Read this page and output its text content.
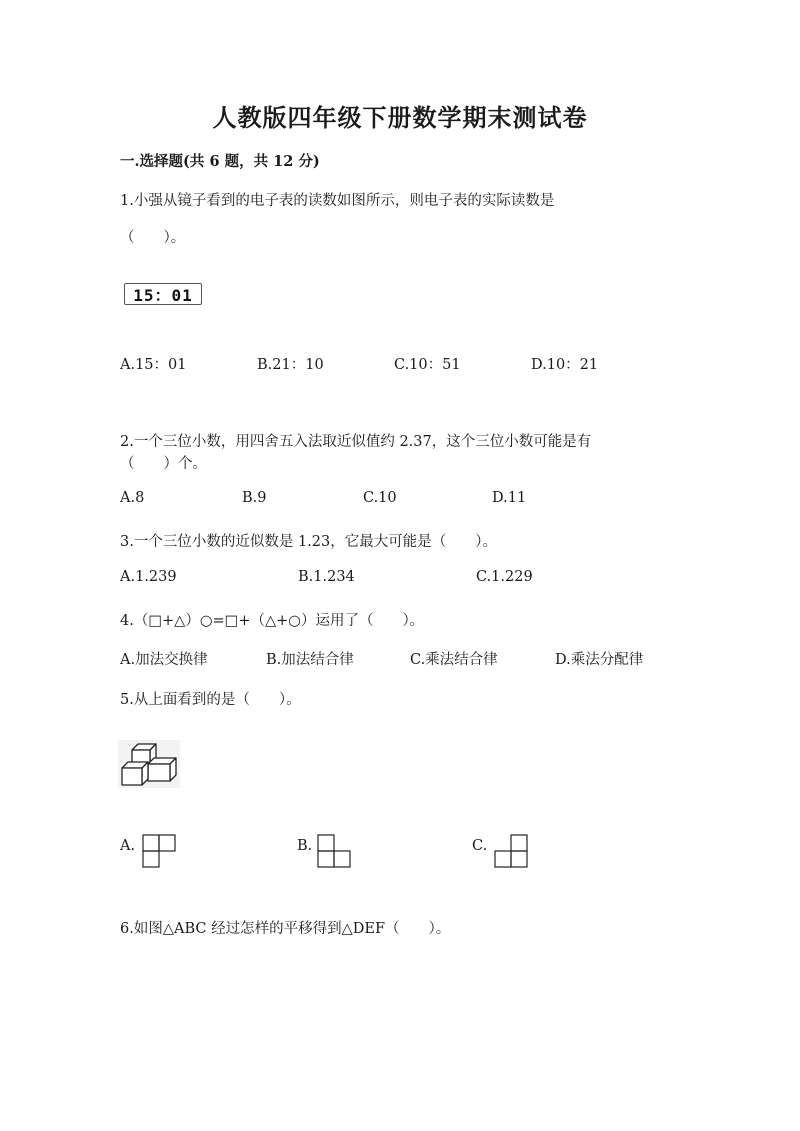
人教版四年级下册数学期末测试卷
一.选择题(共 6 题，共 12 分)
1.小强从镜子看到的电子表的读数如图所示，则电子表的实际读数是
（　　）。
15：01
A.15：01	B.21：10	C.10：51	D.10：21
2.一个三位小数，用四舍五入法取近似值约 2.37，这个三位小数可能是有
（　　）个。
A.8	B.9	C.10	D.11
3.一个三位小数的近似数是 1.23，它最大可能是（　　）。
A.1.239	B.1.234	C.1.229
4.（□+△）○=□+（△+○）运用了（　　）。
A.加法交换律	B.加法结合律	C.乘法结合律	D.乘法分配律
5.从上面看到的是（　　）。
A.	B.	C.
6.如图△ABC 经过怎样的平移得到△DEF（　　）。
